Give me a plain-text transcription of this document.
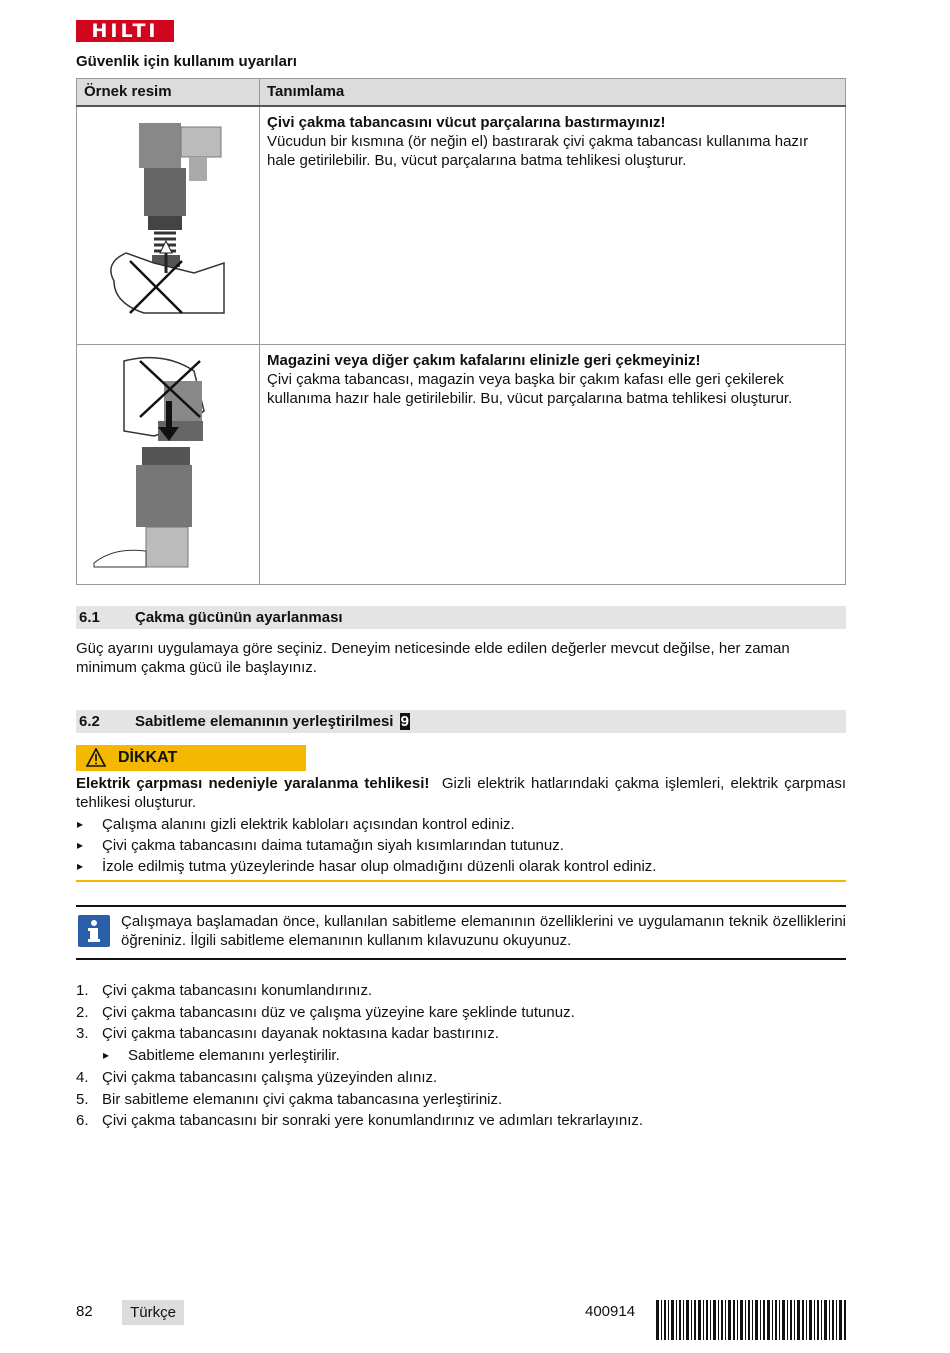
HILTI
Güvenlik için kullanım uyarıları
Örnek resim	Tanımlama

Çivi çakma tabancasını vücut parçalarına bastırmayınız!
Vücudun bir kısmına (ör neğin el) bastırarak çivi çakma tabancası kullanıma hazır hale getirilebilir. Bu, vücut parçalarına batma tehlikesi oluşturur.

Magazini veya diğer çakım kafalarını elinizle geri çekmeyiniz!
Çivi çakma tabancası, magazin veya başka bir çakım kafası elle geri çekilerek kullanıma hazır hale getirilebilir. Bu, vücut parçalarına batma tehlikesi oluşturur.
6.1 Çakma gücünün ayarlanması
Güç ayarını uygulamaya göre seçiniz. Deneyim neticesinde elde edilen değerler mevcut değilse, her zaman minimum çakma gücü ile başlayınız.
6.2 Sabitleme elemanının yerleştirilmesi 9
DİKKAT
Elektrik çarpması nedeniyle yaralanma tehlikesi! Gizli elektrik hatlarındaki çakma işlemleri, elektrik çarpması tehlikesi oluşturur.
▸ Çalışma alanını gizli elektrik kabloları açısından kontrol ediniz.
▸ Çivi çakma tabancasını daima tutamağın siyah kısımlarından tutunuz.
▸ İzole edilmiş tutma yüzeylerinde hasar olup olmadığını düzenli olarak kontrol ediniz.
Çalışmaya başlamadan önce, kullanılan sabitleme elemanının özelliklerini ve uygulamanın teknik özelliklerini öğreniniz. İlgili sabitleme elemanının kullanım kılavuzunu okuyunuz.
1. Çivi çakma tabancasını konumlandırınız.
2. Çivi çakma tabancasını düz ve çalışma yüzeyine kare şeklinde tutunuz.
3. Çivi çakma tabancasını dayanak noktasına kadar bastırınız.
▸ Sabitleme elemanını yerleştirilir.
4. Çivi çakma tabancasını çalışma yüzeyinden alınız.
5. Bir sabitleme elemanını çivi çakma tabancasına yerleştiriniz.
6. Çivi çakma tabancasını bir sonraki yere konumlandırınız ve adımları tekrarlayınız.
82	Türkçe	400914
